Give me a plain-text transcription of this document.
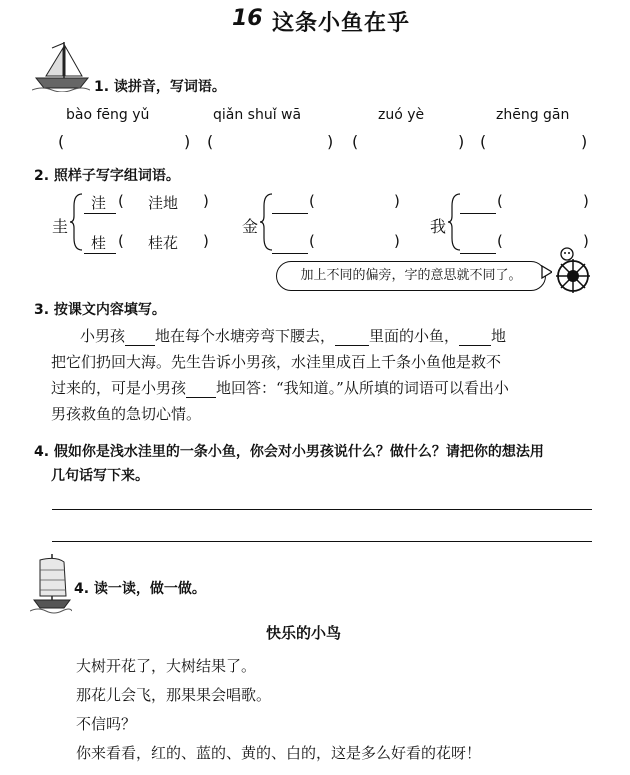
16 这条小鱼在乎
1. 读拼音，写词语。
bào fēng yǔ	qiǎn shuǐ wā	zuó yè	zhēng gān
(	) (	) (	) (	)
2. 照样子写字组词语。
圭
洼 ( 洼地 )
桂 ( 桂花 )
金
(	)
(	)
我
(	)
(	)
加上不同的偏旁，字的意思就不同了。
3. 按课文内容填写。
小男孩 地在每个水塘旁弯下腰去， 里面的小鱼， 地
把它们扔回大海。先生告诉小男孩，水洼里成百上千条小鱼他是救不
过来的，可是小男孩 地回答：“我知道。”从所填的词语可以看出小
男孩救鱼的急切心情。
4. 假如你是浅水洼里的一条小鱼，你会对小男孩说什么？做什么？请把你的想法用
几句话写下来。
4. 读一读，做一做。
快乐的小鸟
大树开花了，大树结果了。
那花儿会飞，那果果会唱歌。
不信吗？
你来看看，红的、蓝的、黄的、白的，这是多么好看的花呀！
